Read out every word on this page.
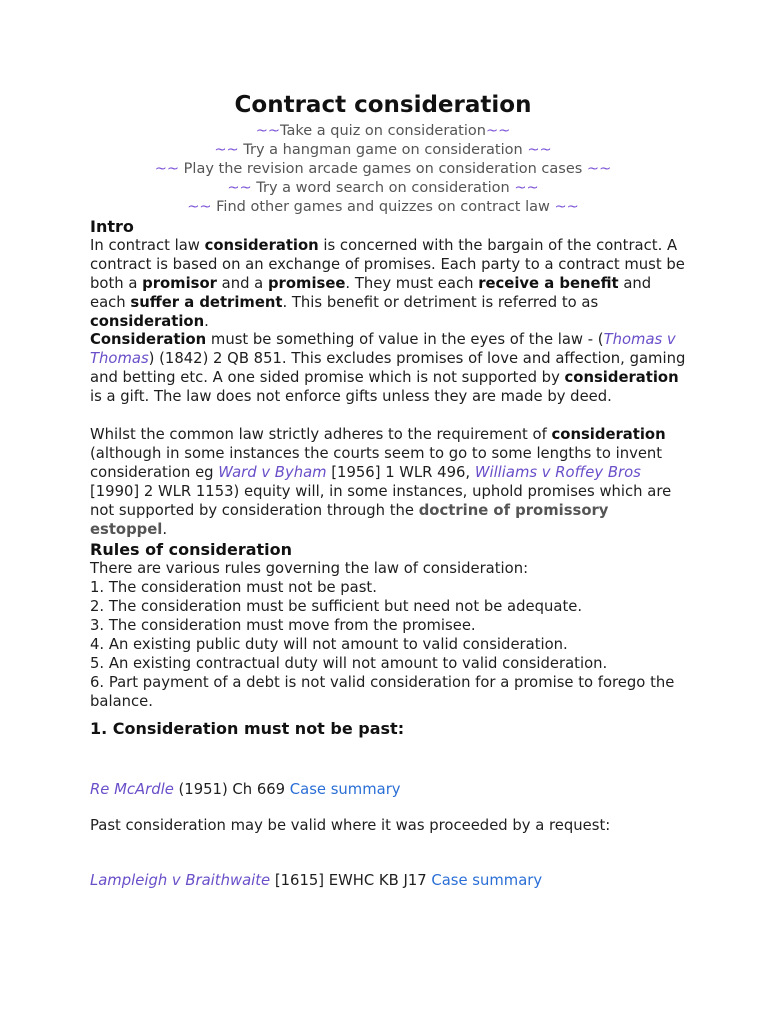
Contract consideration
~~Take a quiz on consideration~~
~~ Try a hangman game on consideration ~~
~~ Play the revision arcade games on consideration cases ~~
~~ Try a word search on consideration ~~
~~ Find other games and quizzes on contract law ~~
Intro
In contract law consideration is concerned with the bargain of the contract. A contract is based on an exchange of promises. Each party to a contract must be both a promisor and a promisee. They must each receive a benefit and each suffer a detriment. This benefit or detriment is referred to as consideration.
Consideration must be something of value in the eyes of the law - (Thomas v Thomas) (1842) 2 QB 851. This excludes promises of love and affection, gaming and betting etc. A one sided promise which is not supported by consideration is a gift. The law does not enforce gifts unless they are made by deed.
Whilst the common law strictly adheres to the requirement of consideration (although in some instances the courts seem to go to some lengths to invent consideration eg Ward v Byham [1956] 1 WLR 496, Williams v Roffey Bros [1990] 2 WLR 1153) equity will, in some instances, uphold promises which are not supported by consideration through the doctrine of promissory estoppel.
Rules of consideration
There are various rules governing the law of consideration:
1. The consideration must not be past.
2. The consideration must be sufficient but need not be adequate.
3. The consideration must move from the promisee.
4. An existing public duty will not amount to valid consideration.
5. An existing contractual duty will not amount to valid consideration.
6. Part payment of a debt is not valid consideration for a promise to forego the balance.
1. Consideration must not be past:
Re McArdle (1951) Ch 669 Case summary
Past consideration may be valid where it was proceeded by a request:
Lampleigh v Braithwaite [1615] EWHC KB J17 Case summary
